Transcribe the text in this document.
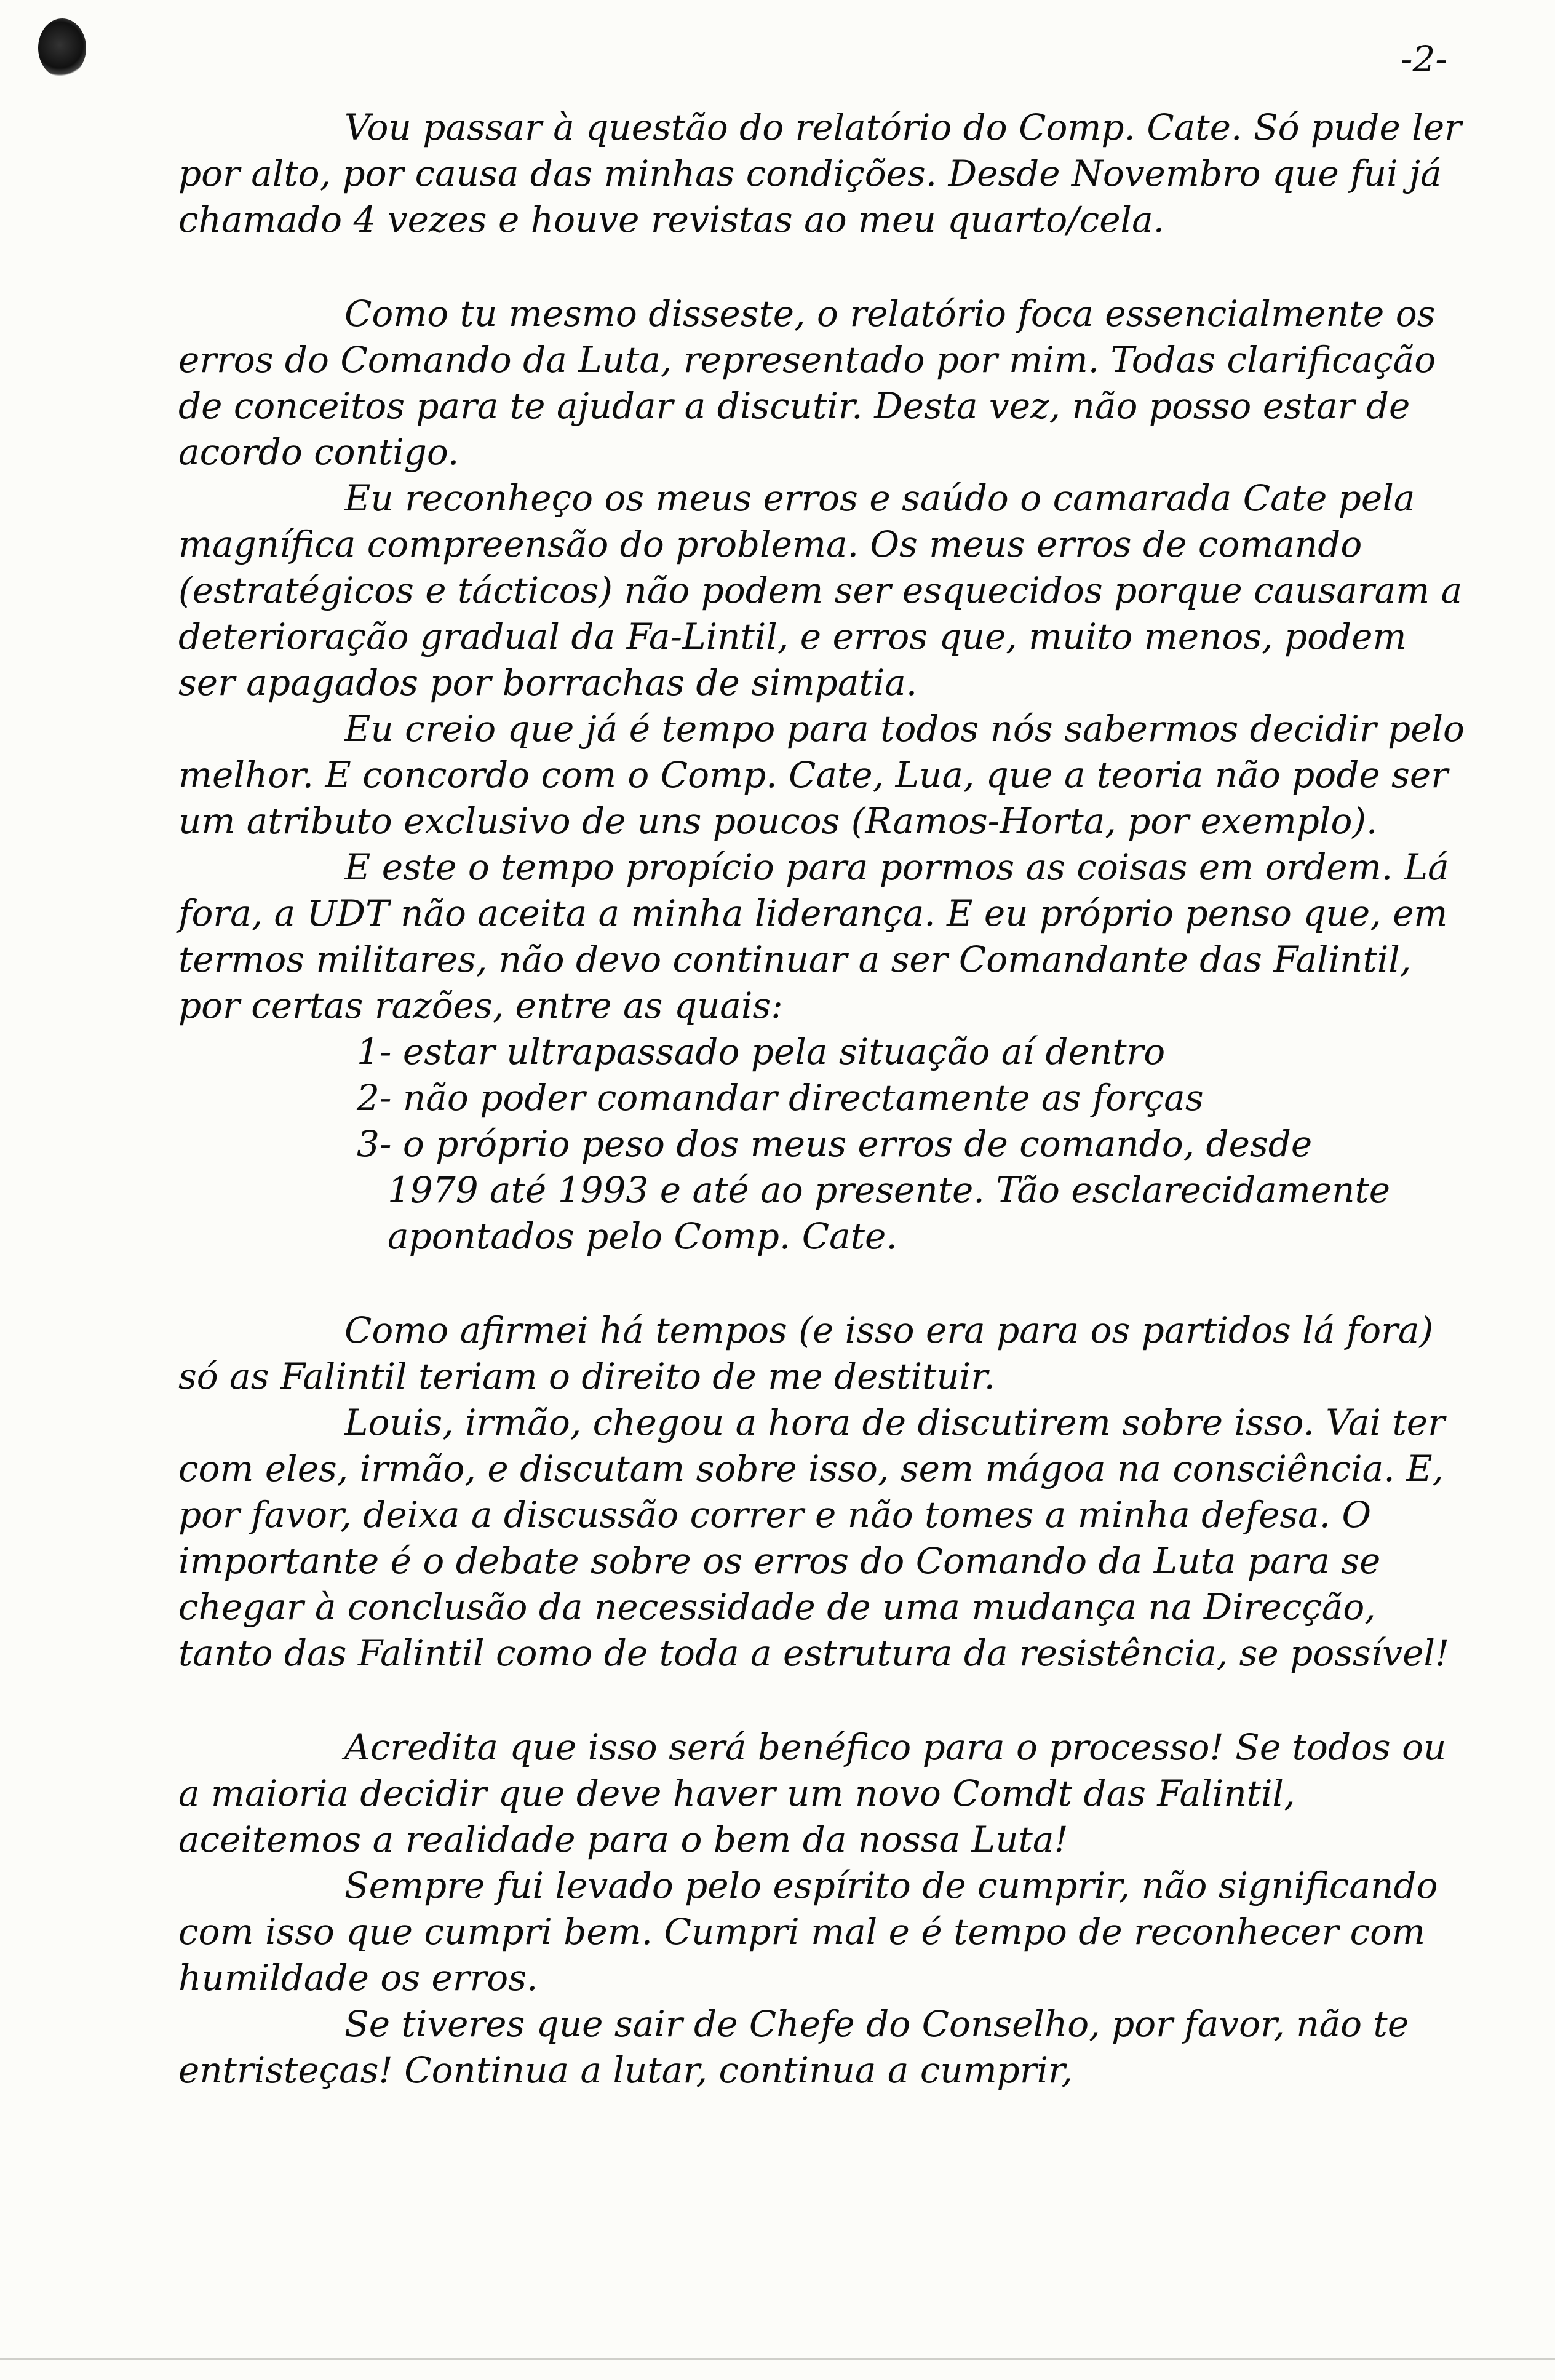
-2-

Vou passar à questão do relatório do Comp. Cate. Só pude ler por alto, por causa das minhas condições. Desde Novembro que fui já chamado 4 vezes e houve revistas ao meu quarto/cela.

Como tu mesmo disseste, o relatório foca essencialmente os erros do Comando da Luta, representado por mim. Todas clarificação de conceitos para te ajudar a discutir. Desta vez, não posso estar de acordo contigo.

Eu reconheço os meus erros e saúdo o camarada Cate pela magnífica compreensão do problema. Os meus erros de comando (estratégicos e tácticos) não podem ser esquecidos porque causaram a deterioração gradual da Fa-Lintil, e erros que, muito menos, podem ser apagados por borrachas de simpatia.

Eu creio que já é tempo para todos nós sabermos decidir pelo melhor. E concordo com o Comp. Cate, Lua, que a teoria não pode ser um atributo exclusivo de uns poucos (Ramos-Horta, por exemplo).

E este o tempo propício para pormos as coisas em ordem. Lá fora, a UDT não aceita a minha liderança. E eu próprio penso que, em termos militares, não devo continuar a ser Comandante das Falintil, por certas razões, entre as quais:

1- estar ultrapassado pela situação aí dentro
2- não poder comandar directamente as forças
3- o próprio peso dos meus erros de comando, desde
1979 até 1993 e até ao presente. Tão esclarecidamente apontados pelo Comp. Cate.

Como afirmei há tempos (e isso era para os partidos lá fora) só as Falintil teriam o direito de me destituir.

Louis, irmão, chegou a hora de discutirem sobre isso. Vai ter com eles, irmão, e discutam sobre isso, sem mágoa na consciência. E, por favor, deixa a discussão correr e não tomes a minha defesa. O importante é o debate sobre os erros do Comando da Luta para se chegar à conclusão da necessidade de uma mudança na Direcção, tanto das Falintil como de toda a estrutura da resistência, se possível!

Acredita que isso será benéfico para o processo! Se todos ou a maioria decidir que deve haver um novo Comdt das Falintil, aceitemos a realidade para o bem da nossa Luta!

Sempre fui levado pelo espírito de cumprir, não significando com isso que cumpri bem. Cumpri mal e é tempo de reconhecer com humildade os erros.

Se tiveres que sair de Chefe do Conselho, por favor, não te entristeças! Continua a lutar, continua a cumprir,
